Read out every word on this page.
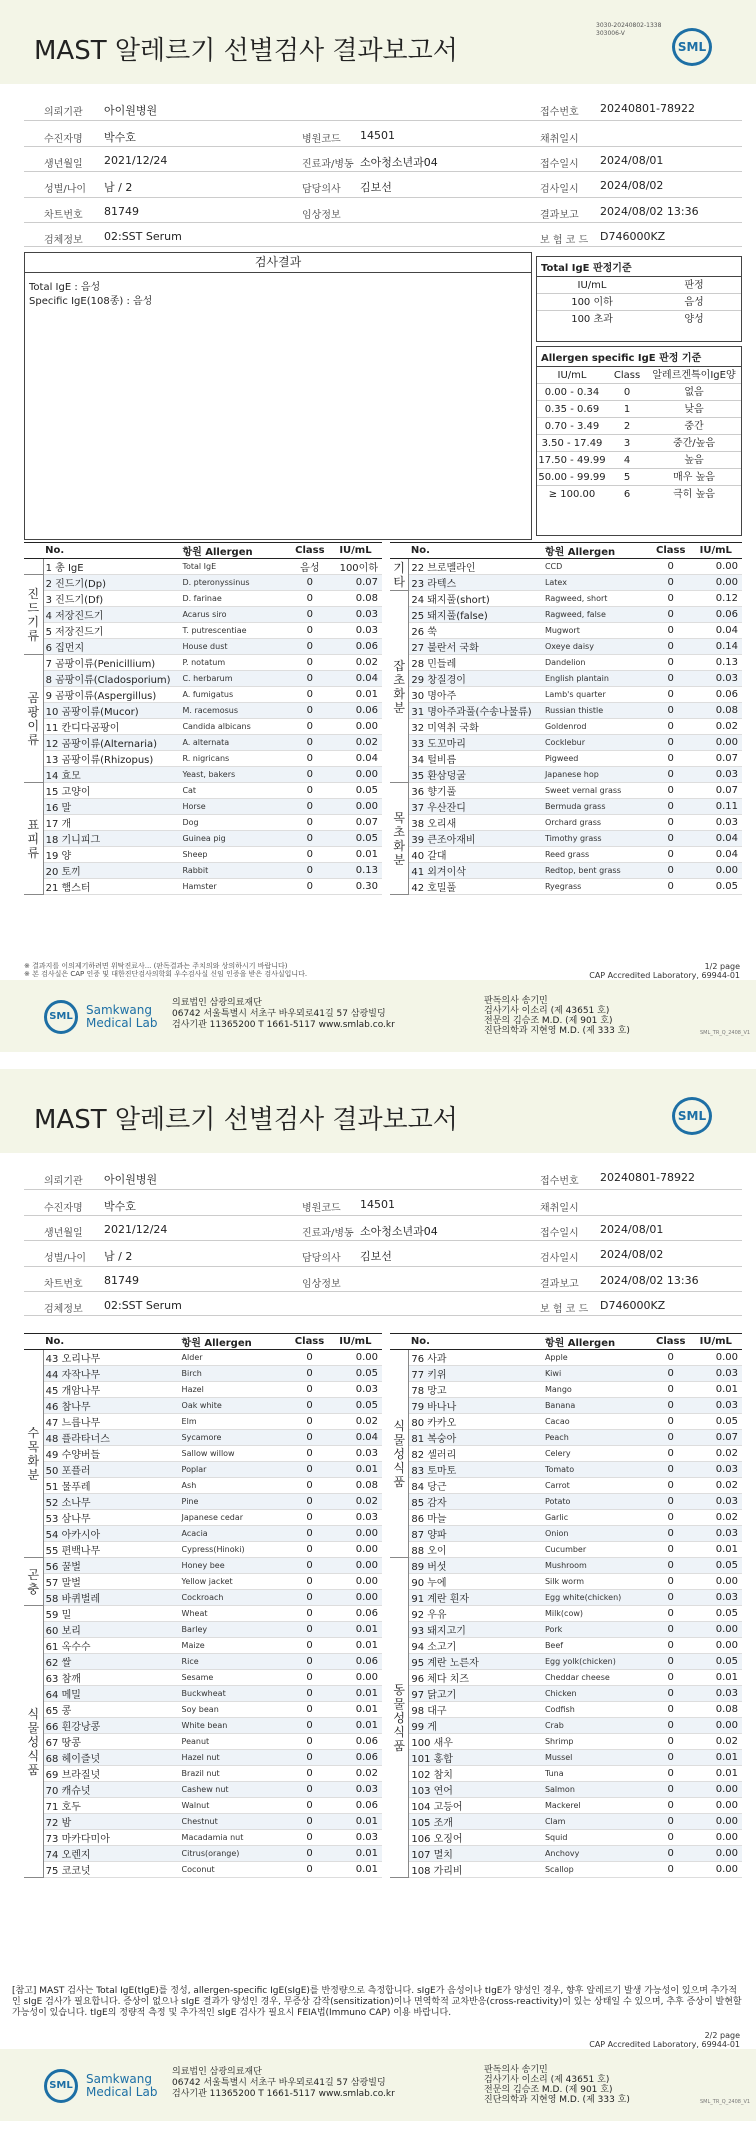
MAST 알레르기 선별검사 결과보고서
3030-20240802-1338
303006-V
SML
의뢰기관 아이원병원
수진자명 박수호
생년월일 2021/12/24
성별/나이 남 / 2
차트번호 81749
검체정보 02:SST Serum
병원코드 14501
진료과/병동 소아청소년과04
담당의사 김보선
임상정보
접수번호 20240801-78922
채취일시
접수일시 2024/08/01
검사일시 2024/08/02
결과보고 2024/08/02 13:36
보 험 코 드 D746000KZ
검사결과
Total IgE : 음성
Specific IgE(108종) : 음성
Total IgE 판정기준
IU/mL	판정
100 이하	음성
100 초과	양성
Allergen specific IgE 판정 기준
IU/mL	Class	알레르겐특이IgE양
0.00 - 0.34	0	없음
0.35 - 0.69	1	낮음
0.70 - 3.49	2	중간
3.50 - 17.49	3	중간/높음
17.50 - 49.99	4	높음
50.00 - 99.99	5	매우 높음
≥ 100.00	6	극히 높음
	No.	항원 Allergen	Class	IU/mL
	1 총 IgE	Total IgE	음성	100이하
진
드
기
류	2 진드기(Dp)	D. pteronyssinus	0	0.07
	3 진드기(Df)	D. farinae	0	0.08
	4 저장진드기	Acarus siro	0	0.03
	5 저장진드기	T. putrescentiae	0	0.03
	6 집먼지	House dust	0	0.06
곰
팡
이
류	7 곰팡이류(Penicillium)	P. notatum	0	0.02
	8 곰팡이류(Cladosporium)	C. herbarum	0	0.04
	9 곰팡이류(Aspergillus)	A. fumigatus	0	0.01
	10 곰팡이류(Mucor)	M. racemosus	0	0.06
	11 칸디다곰팡이	Candida albicans	0	0.00
	12 곰팡이류(Alternaria)	A. alternata	0	0.02
	13 곰팡이류(Rhizopus)	R. nigricans	0	0.04
	14 효모	Yeast, bakers	0	0.00
표
피
류	15 고양이	Cat	0	0.05
	16 말	Horse	0	0.00
	17 개	Dog	0	0.07
	18 기니피그	Guinea pig	0	0.05
	19 양	Sheep	0	0.01
	20 토끼	Rabbit	0	0.13
	21 햄스터	Hamster	0	0.30
	No.	항원 Allergen	Class	IU/mL
기
타	22 브로멜라인	CCD	0	0.00
	23 라텍스	Latex	0	0.00
잡
초
화
분	24 돼지풀(short)	Ragweed, short	0	0.12
	25 돼지풀(false)	Ragweed, false	0	0.06
	26 쑥	Mugwort	0	0.04
	27 불란서 국화	Oxeye daisy	0	0.14
	28 민들레	Dandelion	0	0.13
	29 창질경이	English plantain	0	0.03
	30 명아주	Lamb's quarter	0	0.06
	31 명아주과풀(수송나물류)	Russian thistle	0	0.08
	32 미역취 국화	Goldenrod	0	0.02
	33 도꼬마리	Cocklebur	0	0.00
	34 털비름	Pigweed	0	0.07
	35 환삼덩굴	Japanese hop	0	0.03
목
초
화
분	36 향기풀	Sweet vernal grass	0	0.07
	37 우산잔디	Bermuda grass	0	0.11
	38 오리새	Orchard grass	0	0.03
	39 큰조아재비	Timothy grass	0	0.04
	40 갈대	Reed grass	0	0.04
	41 외겨이삭	Redtop, bent grass	0	0.00
	42 호밀풀	Ryegrass	0	0.05
※ 결과지를 이의제기하려면 위탁진료사... (판독결과는 주치의와 상의하시기 바랍니다)
※ 본 검사실은 CAP 인증 및 대한진단검사의학회 우수검사실 신임 인증을 받은 검사실입니다.
1/2 page
CAP Accredited Laboratory, 69944-01
SML	Samkwang
Medical Lab
의료법인 삼광의료재단
06742 서울특별시 서초구 바우뫼로41길 57 삼광빌딩
검사기관 11365200 T 1661-5117 www.smlab.co.kr
판독의사 송기민
검사기사 이소리 (제 43651 호)
전문의 김승조 M.D. (제 901 호)
진단의학과 지현영 M.D. (제 333 호)	SML_TR_Q_2408_V1
MAST 알레르기 선별검사 결과보고서	SML
의뢰기관 아이원병원
수진자명 박수호
생년월일 2021/12/24
성별/나이 남 / 2
차트번호 81749
검체정보 02:SST Serum
병원코드 14501
진료과/병동 소아청소년과04
담당의사 김보선
임상정보
접수번호 20240801-78922
채취일시
접수일시 2024/08/01
검사일시 2024/08/02
결과보고 2024/08/02 13:36
보 험 코 드 D746000KZ
	No.	항원 Allergen	Class	IU/mL
수
목
화
분	43 오리나무	Alder	0	0.00
	44 자작나무	Birch	0	0.05
	45 개암나무	Hazel	0	0.03
	46 참나무	Oak white	0	0.05
	47 느릅나무	Elm	0	0.02
	48 플라타너스	Sycamore	0	0.04
	49 수양버들	Sallow willow	0	0.03
	50 포플러	Poplar	0	0.01
	51 물푸레	Ash	0	0.08
	52 소나무	Pine	0	0.02
	53 삼나무	Japanese cedar	0	0.03
	54 아카시아	Acacia	0	0.00
	55 편백나무	Cypress(Hinoki)	0	0.00
곤
충	56 꿀벌	Honey bee	0	0.00
	57 말벌	Yellow jacket	0	0.00
	58 바퀴벌레	Cockroach	0	0.00
식
물
성
식
품	59 밀	Wheat	0	0.06
	60 보리	Barley	0	0.01
	61 옥수수	Maize	0	0.01
	62 쌀	Rice	0	0.06
	63 참깨	Sesame	0	0.00
	64 메밀	Buckwheat	0	0.01
	65 콩	Soy bean	0	0.01
	66 흰강낭콩	White bean	0	0.01
	67 땅콩	Peanut	0	0.06
	68 헤이즐넛	Hazel nut	0	0.06
	69 브라질넛	Brazil nut	0	0.02
	70 캐슈넛	Cashew nut	0	0.03
	71 호두	Walnut	0	0.06
	72 밤	Chestnut	0	0.01
	73 마카다미아	Macadamia nut	0	0.03
	74 오렌지	Citrus(orange)	0	0.01
	75 코코넛	Coconut	0	0.01
	No.	항원 Allergen	Class	IU/mL
식
물
성
식
품	76 사과	Apple	0	0.00
	77 키위	Kiwi	0	0.03
	78 망고	Mango	0	0.01
	79 바나나	Banana	0	0.03
	80 카카오	Cacao	0	0.05
	81 복숭아	Peach	0	0.07
	82 셀러리	Celery	0	0.02
	83 토마토	Tomato	0	0.03
	84 당근	Carrot	0	0.02
	85 감자	Potato	0	0.03
	86 마늘	Garlic	0	0.02
	87 양파	Onion	0	0.03
	88 오이	Cucumber	0	0.01
동
물
성
식
품	89 버섯	Mushroom	0	0.05
	90 누에	Silk worm	0	0.00
	91 계란 흰자	Egg white(chicken)	0	0.03
	92 우유	Milk(cow)	0	0.05
	93 돼지고기	Pork	0	0.00
	94 소고기	Beef	0	0.00
	95 계란 노른자	Egg yolk(chicken)	0	0.05
	96 체다 치즈	Cheddar cheese	0	0.01
	97 닭고기	Chicken	0	0.03
	98 대구	Codfish	0	0.08
	99 게	Crab	0	0.00
	100 새우	Shrimp	0	0.02
	101 홍합	Mussel	0	0.01
	102 참치	Tuna	0	0.01
	103 연어	Salmon	0	0.00
	104 고등어	Mackerel	0	0.00
	105 조개	Clam	0	0.00
	106 오징어	Squid	0	0.00
	107 멸치	Anchovy	0	0.00
	108 가리비	Scallop	0	0.00
[참고] MAST 검사는 Total IgE(tIgE)를 정성, allergen-specific IgE(sIgE)를 반정량으로 측정합니다. sIgE가 음성이나 tIgE가 양성인 경우, 향후 알레르기 발생 가능성이 있으며 추가적인 sIgE 검사가 필요합니다. 증상이 없으나 sIgE 결과가 양성인 경우, 무증상 감작(sensitization)이나 면역학적 교차반응(cross-reactivity)이 있는 상태일 수 있으며, 추후 증상이 발현할 가능성이 있습니다. tIgE의 정량적 측정 및 추가적인 sIgE 검사가 필요시 FEIA법(Immuno CAP) 이용 바랍니다.
2/2 page
CAP Accredited Laboratory, 69944-01
SML	Samkwang
Medical Lab
의료법인 삼광의료재단
06742 서울특별시 서초구 바우뫼로41길 57 삼광빌딩
검사기관 11365200 T 1661-5117 www.smlab.co.kr
판독의사 송기민
검사기사 이소리 (제 43651 호)
전문의 김승조 M.D. (제 901 호)
진단의학과 지현영 M.D. (제 333 호)	SML_TR_Q_2408_V1
